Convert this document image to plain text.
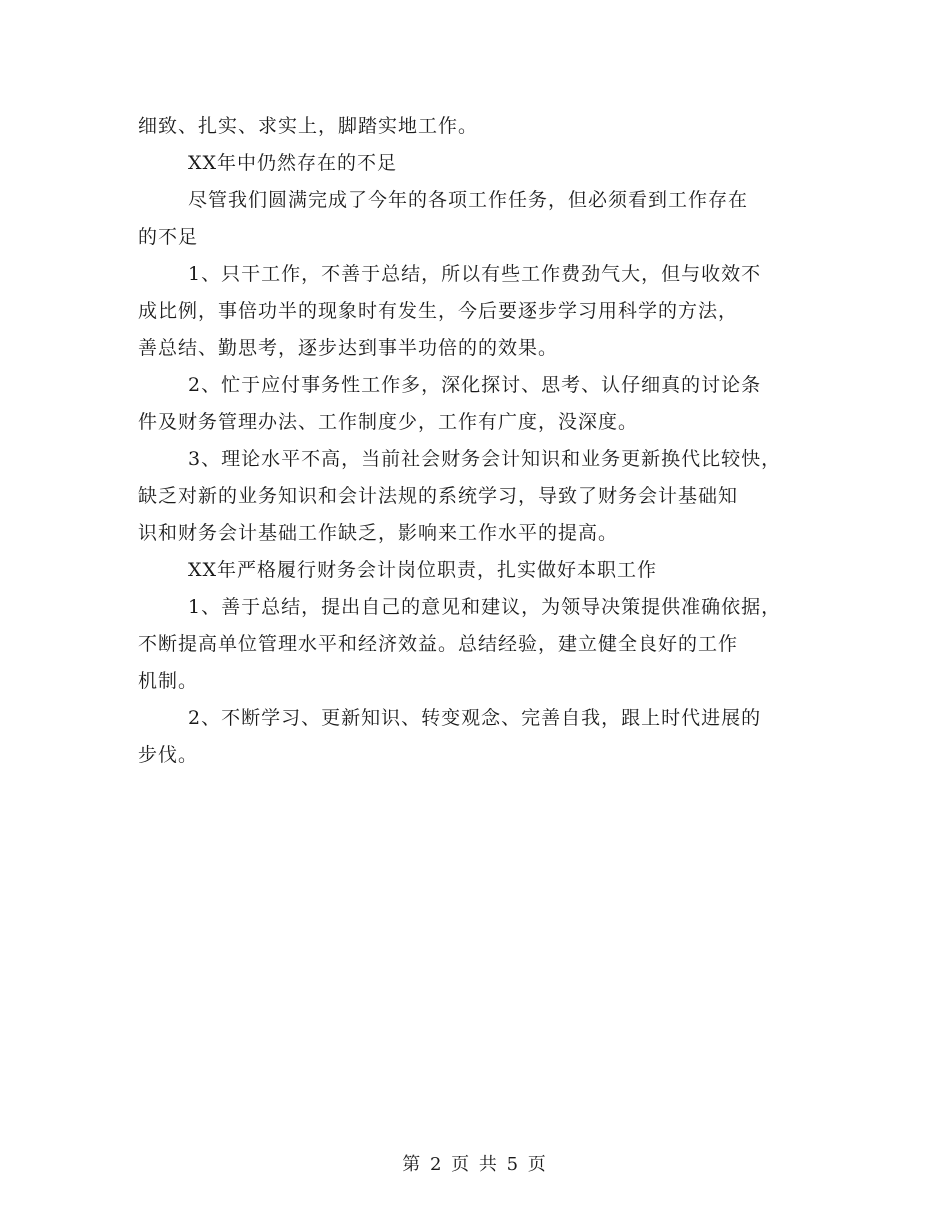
细致、扎实、求实上，脚踏实地工作。
XX年中仍然存在的不足
尽管我们圆满完成了今年的各项工作任务，但必须看到工作存在
的不足
1、只干工作，不善于总结，所以有些工作费劲气大，但与收效不
成比例，事倍功半的现象时有发生，今后要逐步学习用科学的方法，
善总结、勤思考，逐步达到事半功倍的的效果。
2、忙于应付事务性工作多，深化探讨、思考、认仔细真的讨论条
件及财务管理办法、工作制度少，工作有广度，没深度。
3、理论水平不高，当前社会财务会计知识和业务更新换代比较快，
缺乏对新的业务知识和会计法规的系统学习，导致了财务会计基础知
识和财务会计基础工作缺乏，影响来工作水平的提高。
XX年严格履行财务会计岗位职责，扎实做好本职工作
1、善于总结，提出自己的意见和建议，为领导决策提供准确依据，
不断提高单位管理水平和经济效益。总结经验，建立健全良好的工作
机制。
2、不断学习、更新知识、转变观念、完善自我，跟上时代进展的
步伐。
第 2 页 共 5 页
